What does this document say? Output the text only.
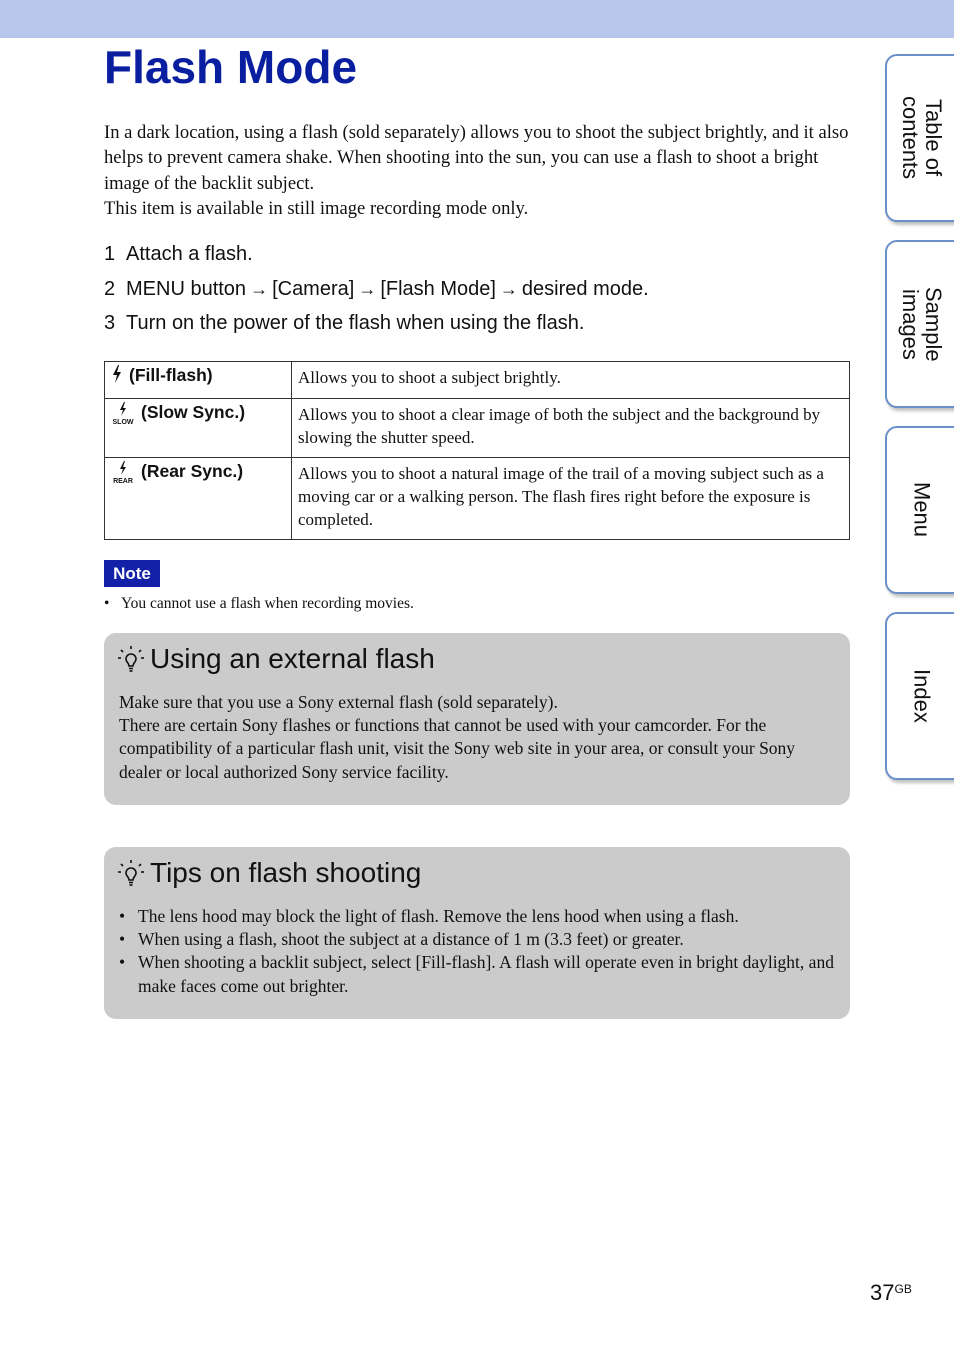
Flash Mode

In a dark location, using a flash (sold separately) allows you to shoot the subject brightly, and it also helps to prevent camera shake. When shooting into the sun, you can use a flash to shoot a bright image of the backlit subject.

This item is available in still image recording mode only.

1 Attach a flash.
2 MENU button → [Camera] → [Flash Mode] → desired mode.
3 Turn on the power of the flash when using the flash.
(Fill-flash)	Allows you to shoot a subject brightly.

SLOW
(Slow Sync.)	Allows you to shoot a clear image of both the subject and the background by slowing the shutter speed.

REAR
(Rear Sync.)	Allows you to shoot a natural image of the trail of a moving subject such as a moving car or a walking person. The flash fires right before the exposure is completed.
Note
• You cannot use a flash when recording movies.
Using an external flash

Make sure that you use a Sony external flash (sold separately).

There are certain Sony flashes or functions that cannot be used with your camcorder. For the compatibility of a particular flash unit, visit the Sony web site in your area, or consult your Sony dealer or local authorized Sony service facility.

Tips on flash shooting
• The lens hood may block the light of flash. Remove the lens hood when using a flash.
• When using a flash, shoot the subject at a distance of 1 m (3.3 feet) or greater.
• When shooting a backlit subject, select [Fill-flash]. A flash will operate even in bright daylight, and make faces come out brighter.
Table of
contents
Sample
images
Menu
Index
$37^{GB}$
